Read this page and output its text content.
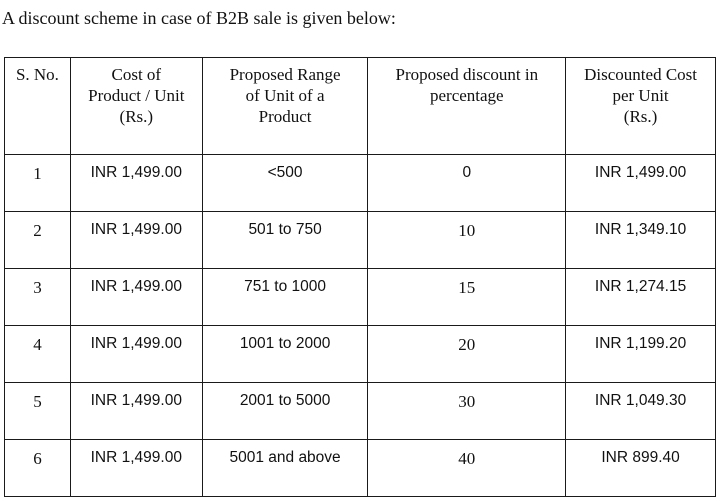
A discount scheme in case of B2B sale is given below:
S. No.	Cost of
Product / Unit
(Rs.)	Proposed Range
of Unit of a
Product	Proposed discount in
percentage	Discounted Cost
per Unit
(Rs.)

1	INR 1,499.00	<500	0	INR 1,499.00
2	INR 1,499.00	501 to 750	10	INR 1,349.10
3	INR 1,499.00	751 to 1000	15	INR 1,274.15
4	INR 1,499.00	1001 to 2000	20	INR 1,199.20
5	INR 1,499.00	2001 to 5000	30	INR 1,049.30
6	INR 1,499.00	5001 and above	40	INR 899.40
